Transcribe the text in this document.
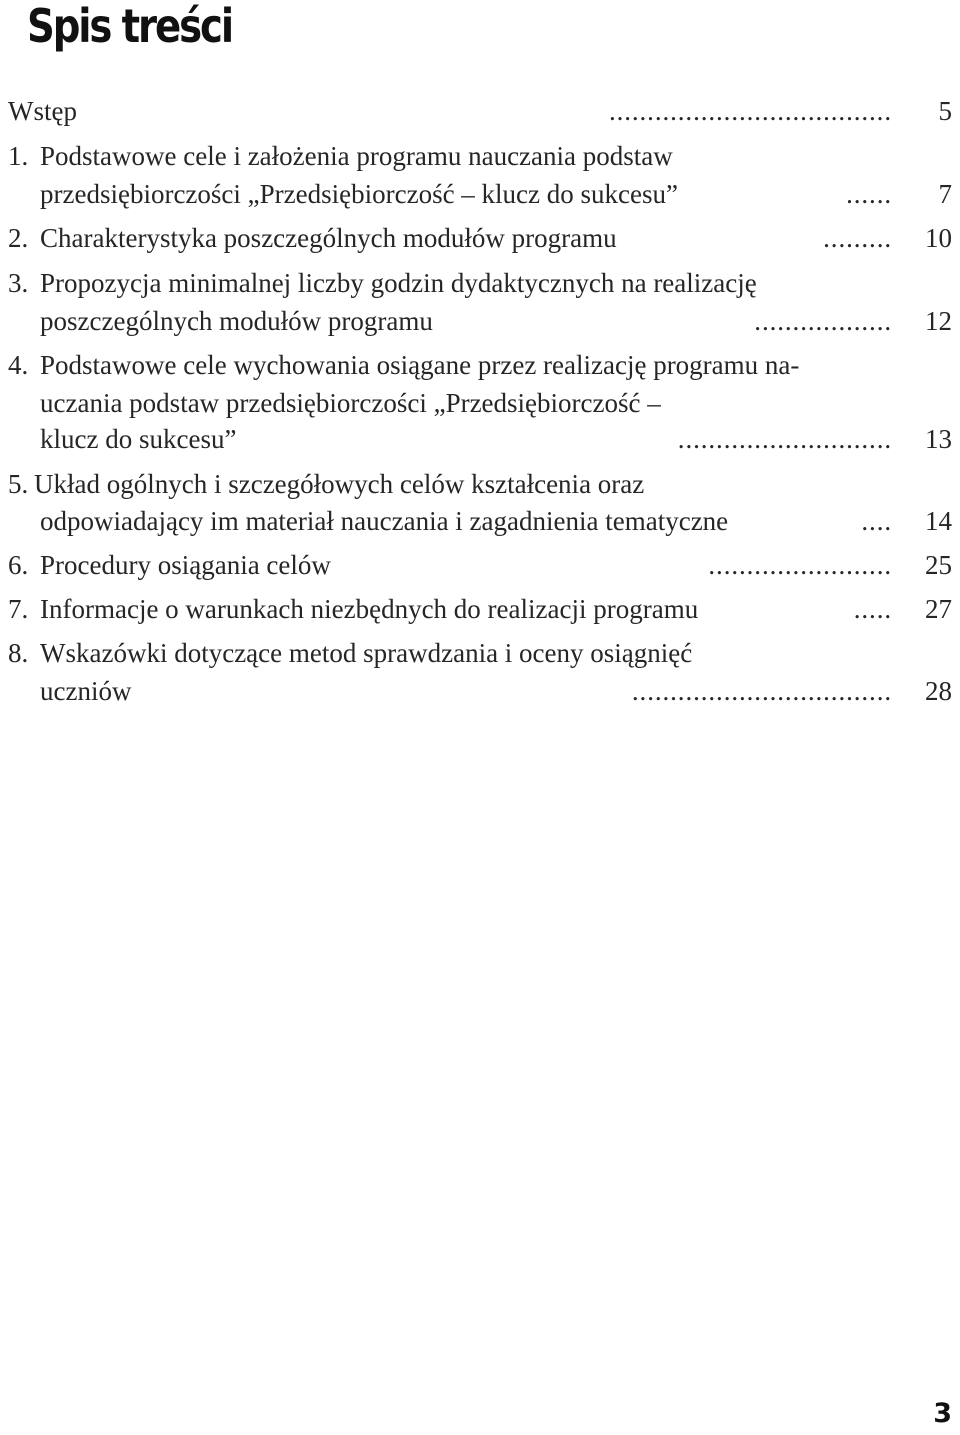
Spis treści
Wstęp	..................................... 5
1. Podstawowe cele i założenia programu nauczania podstaw
przedsiębiorczości „Przedsiębiorczość – klucz do sukcesu”	...... 7
2. Charakterystyka poszczególnych modułów programu	......... 10
3. Propozycja minimalnej liczby godzin dydaktycznych na realizację
poszczególnych modułów programu	.................. 12
4. Podstawowe cele wychowania osiągane przez realizację programu na-
uczania podstaw przedsiębiorczości „Przedsiębiorczość –
klucz do sukcesu”	............................ 13
5. Układ ogólnych i szczegółowych celów kształcenia oraz
odpowiadający im materiał nauczania i zagadnienia tematyczne	.... 14
6. Procedury osiągania celów	........................ 25
7. Informacje o warunkach niezbędnych do realizacji programu	..... 27
8. Wskazówki dotyczące metod sprawdzania i oceny osiągnięć
uczniów	.................................. 28
3
